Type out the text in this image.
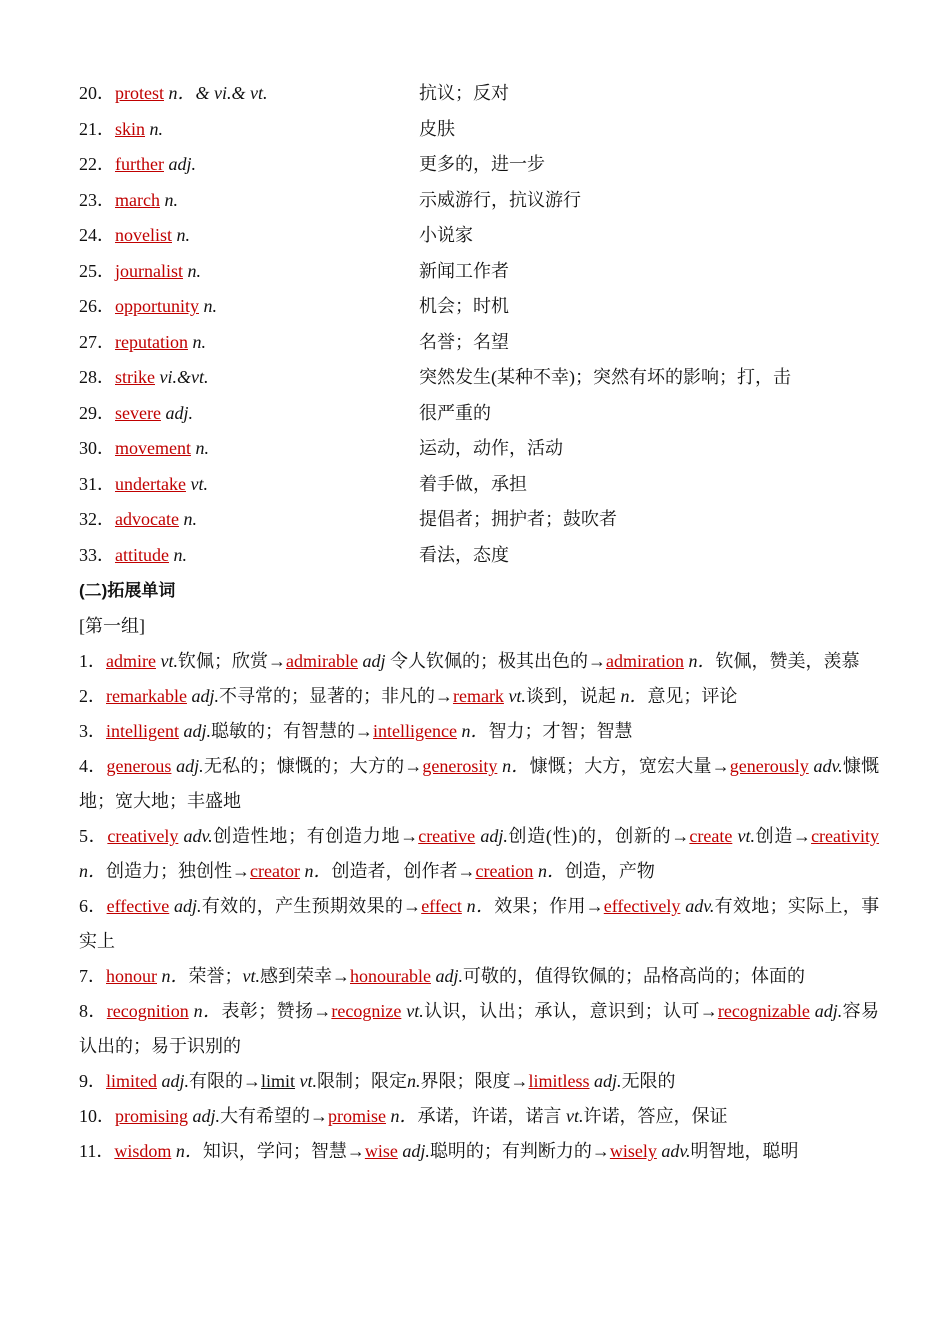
20．protest n．& vi.& vt.	抗议；反对
21．skin n.	皮肤
22．further adj.	更多的，进一步
23．march n.	示威游行，抗议游行
24．novelist n.	小说家
25．journalist n.	新闻工作者
26．opportunity n.	机会；时机
27．reputation n.	名誉；名望
28．strike vi.&vt.	突然发生(某种不幸)；突然有坏的影响；打，击
29．severe adj.	很严重的
30．movement n.	运动，动作，活动
31．undertake vt.	着手做，承担
32．advocate n.	提倡者；拥护者；鼓吹者
33．attitude n.	看法，态度
(二)拓展单词
[第一组]

1．admire vt.钦佩；欣赏→admirable adj 令人钦佩的；极其出色的→admiration n．钦佩，赞美，羡慕

2．remarkable adj.不寻常的；显著的；非凡的→remark vt.谈到，说起 n．意见；评论

3．intelligent adj.聪敏的；有智慧的→intelligence n．智力；才智；智慧

4．generous adj.无私的；慷慨的；大方的→generosity n．慷慨；大方，宽宏大量→generously adv.慷慨地；宽大地；丰盛地

5．creatively adv.创造性地；有创造力地→creative adj.创造(性)的，创新的→create vt.创造→creativity n．创造力；独创性→creator n．创造者，创作者→creation n．创造，产物

6．effective adj.有效的，产生预期效果的→effect n．效果；作用→effectively adv.有效地；实际上，事实上

7．honour n．荣誉；vt.感到荣幸→honourable adj.可敬的，值得钦佩的；品格高尚的；体面的

8．recognition n．表彰；赞扬→recognize vt.认识，认出；承认，意识到；认可→recognizable adj.容易认出的；易于识别的

9．limited adj.有限的→limit vt.限制；限定n.界限；限度→limitless adj.无限的

10．promising adj.大有希望的→promise n．承诺，许诺，诺言 vt.许诺，答应，保证

11．wisdom n．知识，学问；智慧→wise adj.聪明的；有判断力的→wisely adv.明智地，聪明
